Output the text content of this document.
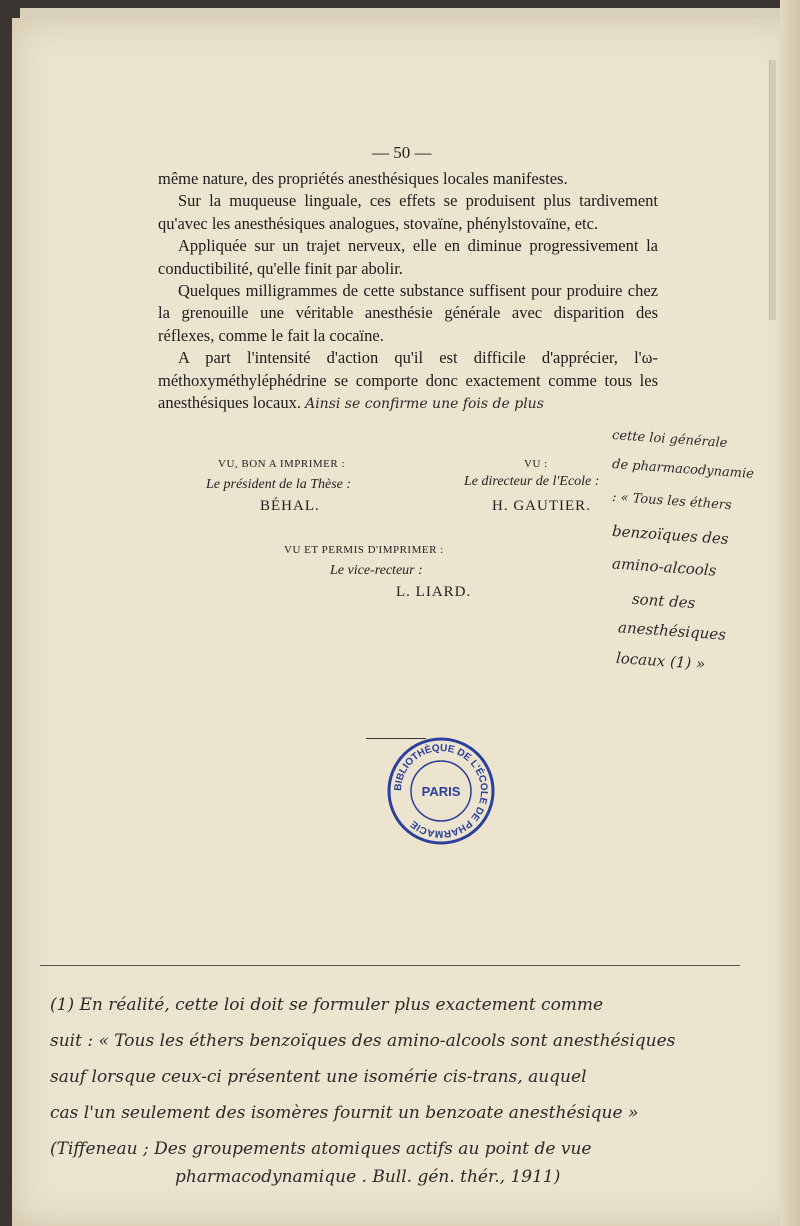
— 50 —

même nature, des propriétés anesthésiques locales manifestes.

Sur la muqueuse linguale, ces effets se produisent plus tardivement qu'avec les anesthésiques analogues, stovaïne, phénylstovaïne, etc.

Appliquée sur un trajet nerveux, elle en diminue progressivement la conductibilité, qu'elle finit par abolir.

Quelques milligrammes de cette substance suffisent pour produire chez la grenouille une véritable anesthésie générale avec disparition des réflexes, comme le fait la cocaïne.

A part l'intensité d'action qu'il est difficile d'apprécier, l'ω-méthoxyméthyléphédrine se comporte donc exactement comme tous les anesthésiques locaux. Ainsi se confirme une fois de plus

VU, BON A IMPRIMER :
Le président de la Thèse :
BÉHAL.
VU :
Le directeur de l'Ecole :
H. GAUTIER.
VU ET PERMIS D'IMPRIMER :
Le vice-recteur :
L. LIARD.
cette loi générale
de pharmacodynamie
: « Tous les éthers
benzoïques des
amino-alcools
sont des
anesthésiques
locaux (1) »
BIBLIOTHÈQUE DE L'ÉCOLE DE PHARMACIE
PARIS
(1) En réalité, cette loi doit se formuler plus exactement comme
suit : « Tous les éthers benzoïques des amino-alcools sont anesthésiques
sauf lorsque ceux-ci présentent une isomérie cis-trans, auquel
cas l'un seulement des isomères fournit un benzoate anesthésique »
(Tiffeneau ; Des groupements atomiques actifs au point de vue
pharmacodynamique . Bull. gén. thér., 1911)
